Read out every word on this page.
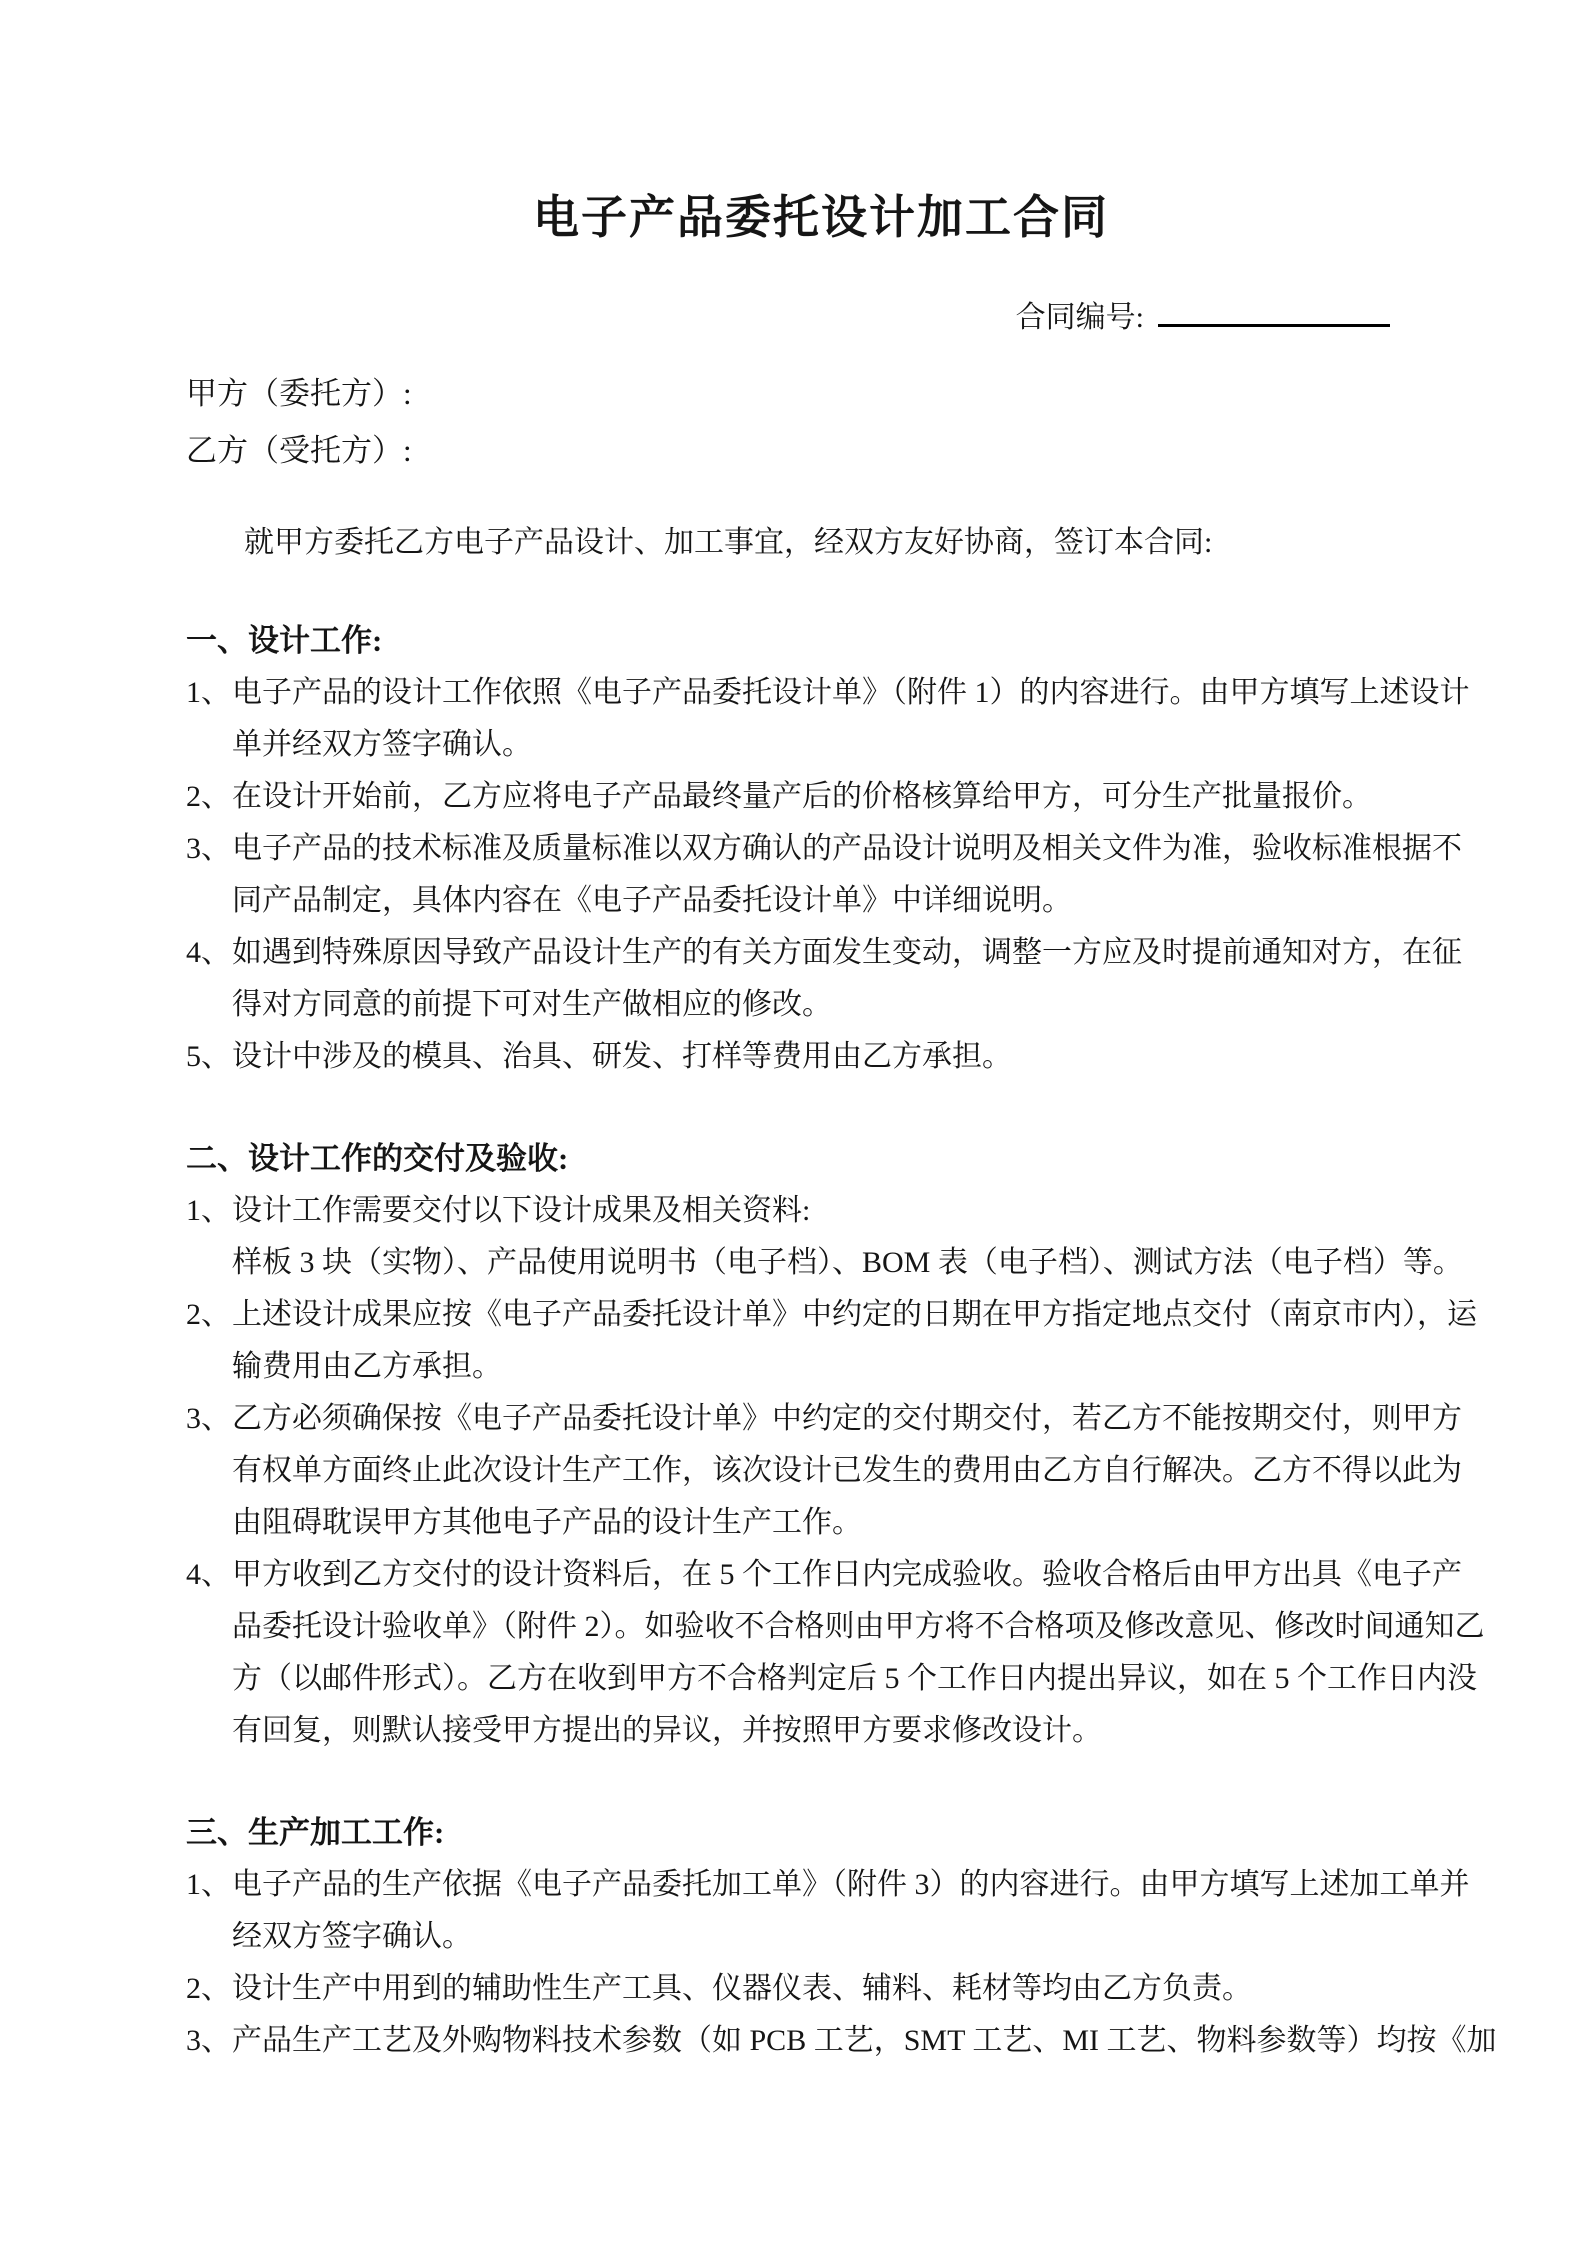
电子产品委托设计加工合同
合同编号:
甲方（委托方）:
乙方（受托方）:
就甲方委托乙方电子产品设计、加工事宜，经双方友好协商，签订本合同:
一、设计工作:
1、 电子产品的设计工作依照《电子产品委托设计单》（附件 1）的内容进行。由甲方填写上述设计
单并经双方签字确认。
2、 在设计开始前，乙方应将电子产品最终量产后的价格核算给甲方，可分生产批量报价。
3、 电子产品的技术标准及质量标准以双方确认的产品设计说明及相关文件为准，验收标准根据不
同产品制定，具体内容在《电子产品委托设计单》中详细说明。
4、 如遇到特殊原因导致产品设计生产的有关方面发生变动，调整一方应及时提前通知对方，在征
得对方同意的前提下可对生产做相应的修改。
5、 设计中涉及的模具、治具、研发、打样等费用由乙方承担。
二、设计工作的交付及验收:
1、 设计工作需要交付以下设计成果及相关资料:
样板 3 块（实物）、产品使用说明书（电子档）、BOM 表（电子档）、测试方法（电子档）等。
2、 上述设计成果应按《电子产品委托设计单》中约定的日期在甲方指定地点交付（南京市内），运
输费用由乙方承担。
3、 乙方必须确保按《电子产品委托设计单》中约定的交付期交付，若乙方不能按期交付，则甲方
有权单方面终止此次设计生产工作，该次设计已发生的费用由乙方自行解决。乙方不得以此为
由阻碍耽误甲方其他电子产品的设计生产工作。
4、 甲方收到乙方交付的设计资料后，在 5 个工作日内完成验收。验收合格后由甲方出具《电子产
品委托设计验收单》（附件 2）。如验收不合格则由甲方将不合格项及修改意见、修改时间通知乙
方（以邮件形式）。乙方在收到甲方不合格判定后 5 个工作日内提出异议，如在 5 个工作日内没
有回复，则默认接受甲方提出的异议，并按照甲方要求修改设计。
三、生产加工工作:
1、 电子产品的生产依据《电子产品委托加工单》（附件 3）的内容进行。由甲方填写上述加工单并
经双方签字确认。
2、 设计生产中用到的辅助性生产工具、仪器仪表、辅料、耗材等均由乙方负责。
3、 产品生产工艺及外购物料技术参数（如 PCB 工艺，SMT 工艺、MI 工艺、物料参数等）均按《加
